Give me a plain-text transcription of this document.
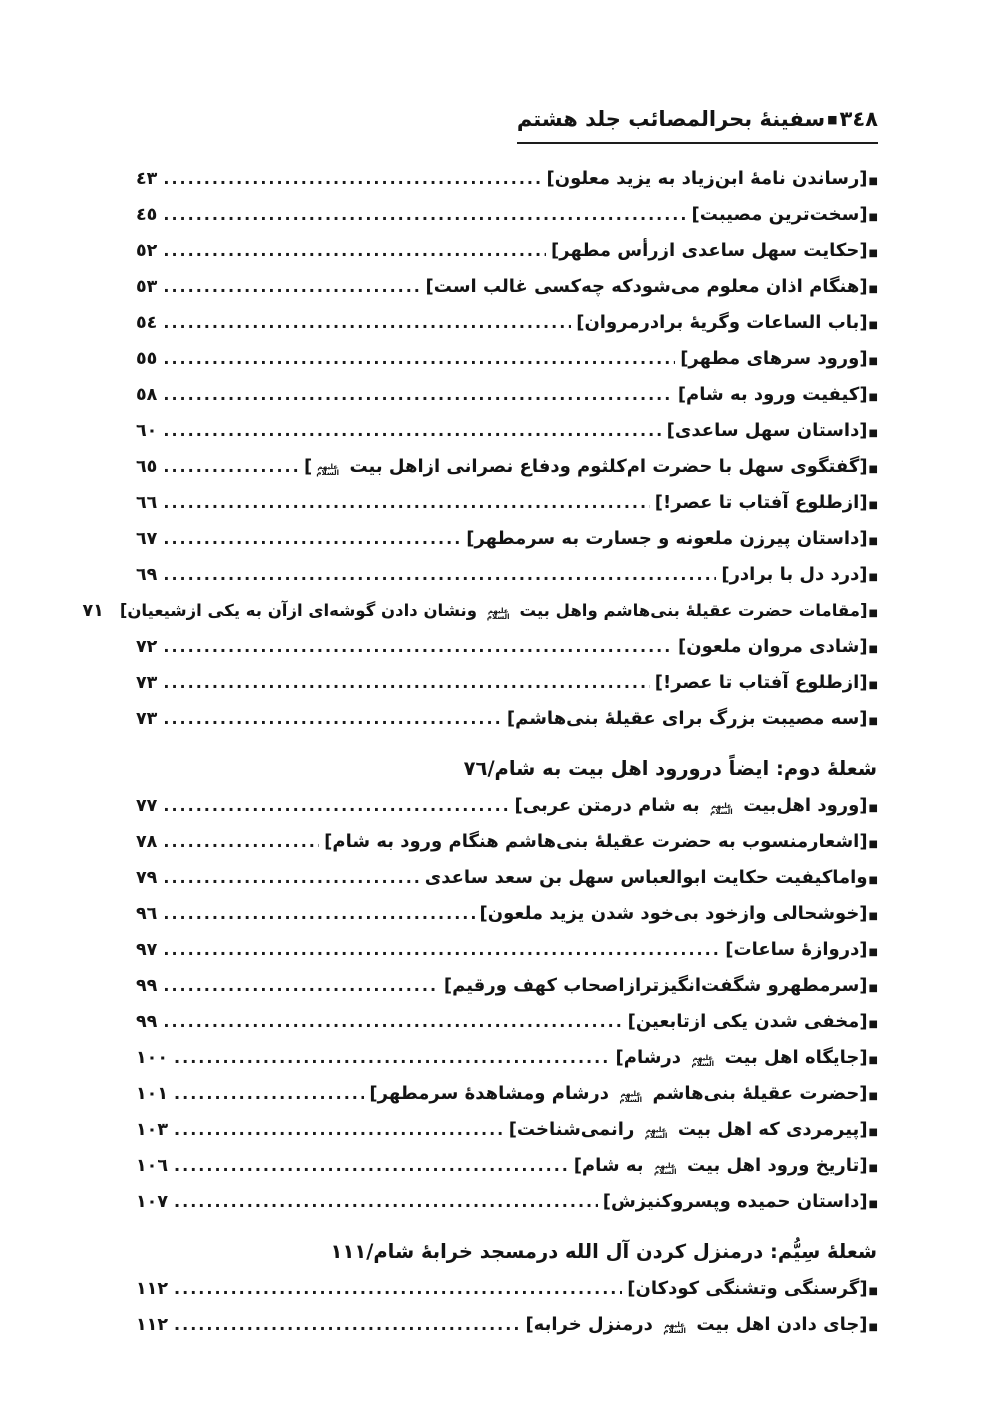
٣٤٨■سفینهٔ بحرالمصائب جلد هشتم
■
[رساندن نامهٔ ابن‌زیاد به یزید معلون]
.....
٤٣
■
[سخت‌ترین مصیبت]
.....
٤٥
■
[حکایت سهل ساعدی ازرأس مطهر]
.....
٥٢
■
[هنگام اذان معلوم می‌شودکه چه‌کسی غالب است]
.....
٥٣
■
[باب الساعات وگریهٔ برادرمروان]
.....
٥٤
■
[ورود سرهای مطهر]
.....
٥٥
■
[کیفیت ورود به شام]
.....
٥٨
■
[داستان سهل ساعدی]
.....
٦٠
■
[گفتگوی سهل با حضرت ام‌کلثوم ودفاع نصرانی ازاهل بیت علیهم السلام]
.....
٦٥
■
[ازطلوع آفتاب تا عصر!]
.....
٦٦
■
[داستان پیرزن ملعونه و جسارت به سرمطهر]
.....
٦٧
■
[درد دل با برادر]
.....
٦٩
■
[مقامات حضرت عقیلهٔ بنی‌هاشم واهل بیت علیهم السلام ونشان دادن گوشه‌ای ازآن به یکی ازشیعیان]
٧١
■
[شادی مروان ملعون]
.....
٧٢
■
[ازطلوع آفتاب تا عصر!]
.....
٧٣
■
[سه مصیبت بزرگ برای عقیلهٔ بنی‌هاشم]
.....
٧٣
شعلهٔ دوم: ایضاً درورود اهل بیت به شام/٧٦
■
[ورود اهل‌بیت علیهم السلام به شام درمتن عربی]
.....
٧٧
■
[اشعارمنسوب به حضرت عقیلهٔ بنی‌هاشم هنگام ورود به شام]
.....
٧٨
■
واماکیفیت حکایت ابوالعباس سهل بن سعد ساعدی
.....
٧٩
■
[خوشحالی وازخود بی‌خود شدن یزید ملعون]
.....
٩٦
■
[دروازهٔ ساعات]
.....
٩٧
■
[سرمطهرو شگفت‌انگیزترازاصحاب کهف ورقیم]
.....
٩٩
■
[مخفی شدن یکی ازتابعین]
.....
٩٩
■
[جایگاه اهل بیت علیهم السلام درشام]
.....
١٠٠
■
[حضرت عقیلهٔ بنی‌هاشم علیهم السلام درشام ومشاهدهٔ سرمطهر]
.....
١٠١
■
[پیرمردی که اهل بیت علیهم السلام رانمی‌شناخت]
.....
١٠٣
■
[تاریخ ورود اهل بیت علیهم السلام به شام]
.....
١٠٦
■
[داستان حمیده وپسروکنیزش]
.....
١٠٧
شعلهٔ سِیُّم: درمنزل کردن آل الله درمسجد خرابهٔ شام/١١١
■
[گرسنگی وتشنگی کودکان]
.....
١١٢
■
[جای دادن اهل بیت علیهم السلام درمنزل خرابه]
.....
١١٢
